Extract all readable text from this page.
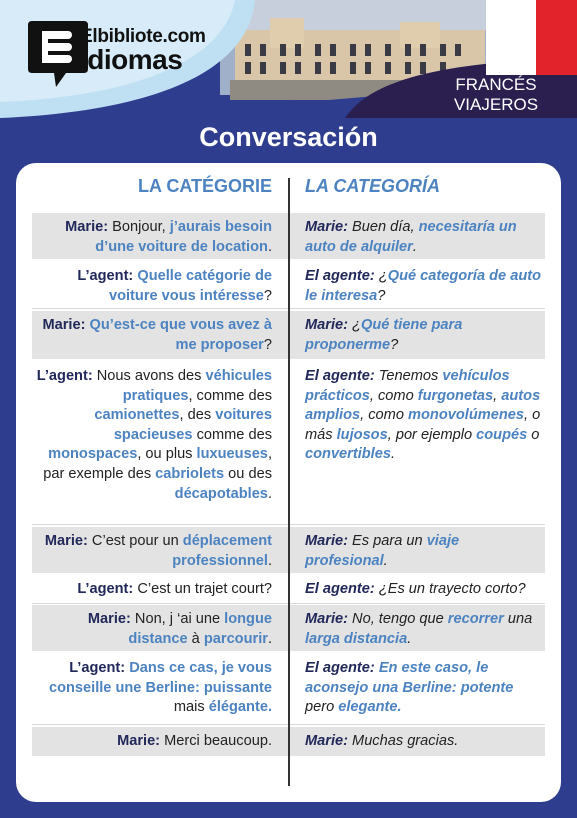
Elbibliote.com
Idiomas
FRANCÉS
VIAJEROS
Conversación
LA CATÉGORIE LA CATEGORÍA
Marie: Bonjour, j’aurais besoin d’une voiture de location.
Marie: Buen día, necesitaría un auto de alquiler.
L’agent: Quelle catégorie de voiture vous intéresse?
El agente: ¿Qué categoría de auto le interesa?
Marie: Qu’est-ce que vous avez à me proposer?
Marie: ¿Qué tiene para proponerme?
L’agent: Nous avons des véhicules pratiques, comme des camionettes, des voitures spacieuses comme des monospaces, ou plus luxueuses, par exemple des cabriolets ou des décapotables.
El agente: Tenemos vehículos prácticos, como furgonetas, autos amplios, como monovolúmenes, o más lujosos, por ejemplo coupés o convertibles.
Marie: C’est pour un déplacement professionnel.
Marie: Es para un viaje profesional.
L’agent: C’est un trajet court? El agente: ¿Es un trayecto corto?
Marie: Non, j ‘ai une longue distance à parcourir.
Marie: No, tengo que recorrer una larga distancia.
L’agent: Dans ce cas, je vous conseille une Berline: puissante mais élégante.
El agente: En este caso, le aconsejo una Berline: potente pero elegante.
Marie: Merci beaucoup. Marie: Muchas gracias.
